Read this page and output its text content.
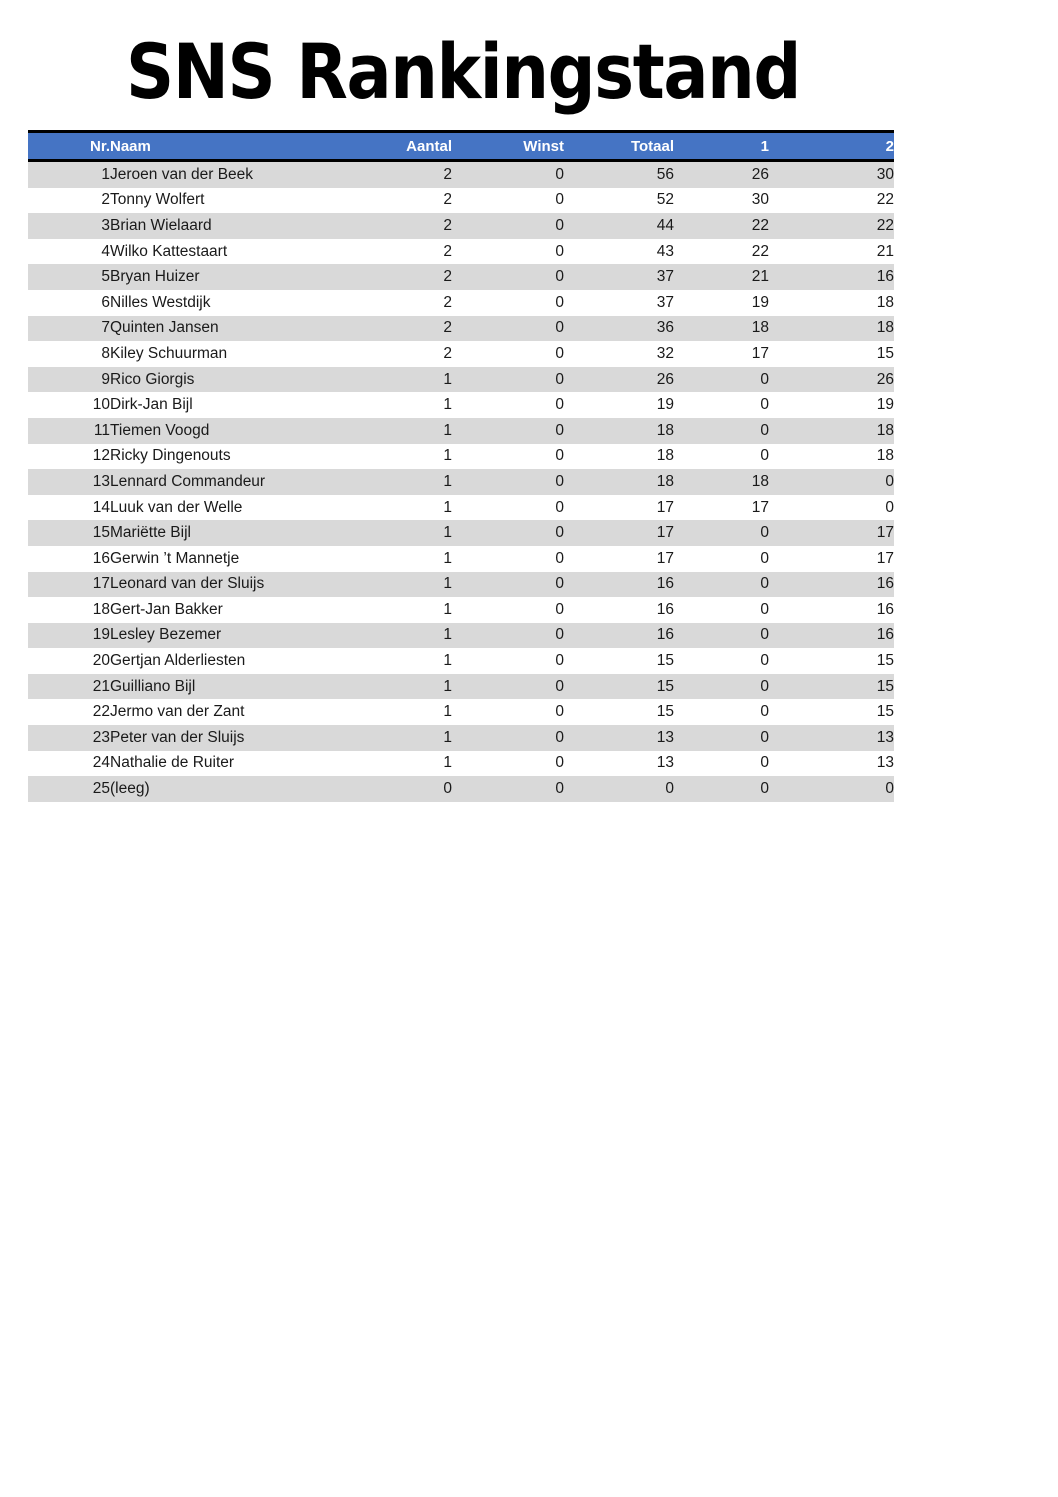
SNS Rankingstand
Nr.	Naam	Aantal	Winst	Totaal	1	2
1	Jeroen van der Beek	2	0	56	26	30
2	Tonny Wolfert	2	0	52	30	22
3	Brian Wielaard	2	0	44	22	22
4	Wilko Kattestaart	2	0	43	22	21
5	Bryan Huizer	2	0	37	21	16
6	Nilles Westdijk	2	0	37	19	18
7	Quinten Jansen	2	0	36	18	18
8	Kiley Schuurman	2	0	32	17	15
9	Rico Giorgis	1	0	26	0	26
10	Dirk-Jan Bijl	1	0	19	0	19
11	Tiemen Voogd	1	0	18	0	18
12	Ricky Dingenouts	1	0	18	0	18
13	Lennard Commandeur	1	0	18	18	0
14	Luuk van der Welle	1	0	17	17	0
15	Mariëtte Bijl	1	0	17	0	17
16	Gerwin ’t Mannetje	1	0	17	0	17
17	Leonard van der Sluijs	1	0	16	0	16
18	Gert-Jan Bakker	1	0	16	0	16
19	Lesley Bezemer	1	0	16	0	16
20	Gertjan Alderliesten	1	0	15	0	15
21	Guilliano Bijl	1	0	15	0	15
22	Jermo van der Zant	1	0	15	0	15
23	Peter van der Sluijs	1	0	13	0	13
24	Nathalie de Ruiter	1	0	13	0	13
25	(leeg)	0	0	0	0	0
